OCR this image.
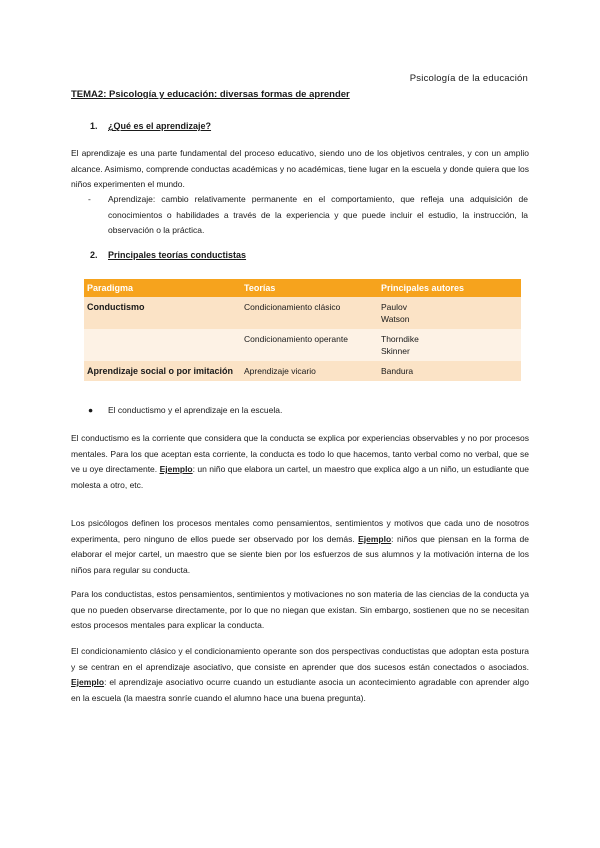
Psicología de la educación
TEMA2: Psicología y educación: diversas formas de aprender
1. ¿Qué es el aprendizaje?
El aprendizaje es una parte fundamental del proceso educativo, siendo uno de los objetivos centrales, y con un amplio alcance. Asimismo, comprende conductas académicas y no académicas, tiene lugar en la escuela y donde quiera que los niños experimenten el mundo.
- Aprendizaje: cambio relativamente permanente en el comportamiento, que refleja una adquisición de conocimientos o habilidades a través de la experiencia y que puede incluir el estudio, la instrucción, la observación o la práctica.
2. Principales teorías conductistas
Paradigma	Teorías	Principales autores
Conductismo	Condicionamiento clásico	Paulov
Watson

	Condicionamiento operante	Thorndike
Skinner

Aprendizaje social o por imitación	Aprendizaje vicario	Bandura
● El conductismo y el aprendizaje en la escuela.
El conductismo es la corriente que considera que la conducta se explica por experiencias observables y no por procesos mentales. Para los que aceptan esta corriente, la conducta es todo lo que hacemos, tanto verbal como no verbal, que se ve u oye directamente. Ejemplo: un niño que elabora un cartel, un maestro que explica algo a un niño, un estudiante que molesta a otro, etc.
Los psicólogos definen los procesos mentales como pensamientos, sentimientos y motivos que cada uno de nosotros experimenta, pero ninguno de ellos puede ser observado por los demás. Ejemplo: niños que piensan en la forma de elaborar el mejor cartel, un maestro que se siente bien por los esfuerzos de sus alumnos y la motivación interna de los niños para regular su conducta.
Para los conductistas, estos pensamientos, sentimientos y motivaciones no son materia de las ciencias de la conducta ya que no pueden observarse directamente, por lo que no niegan que existan. Sin embargo, sostienen que no se necesitan estos procesos mentales para explicar la conducta.
El condicionamiento clásico y el condicionamiento operante son dos perspectivas conductistas que adoptan esta postura y se centran en el aprendizaje asociativo, que consiste en aprender que dos sucesos están conectados o asociados. Ejemplo: el aprendizaje asociativo ocurre cuando un estudiante asocia un acontecimiento agradable con aprender algo en la escuela (la maestra sonríe cuando el alumno hace una buena pregunta).
